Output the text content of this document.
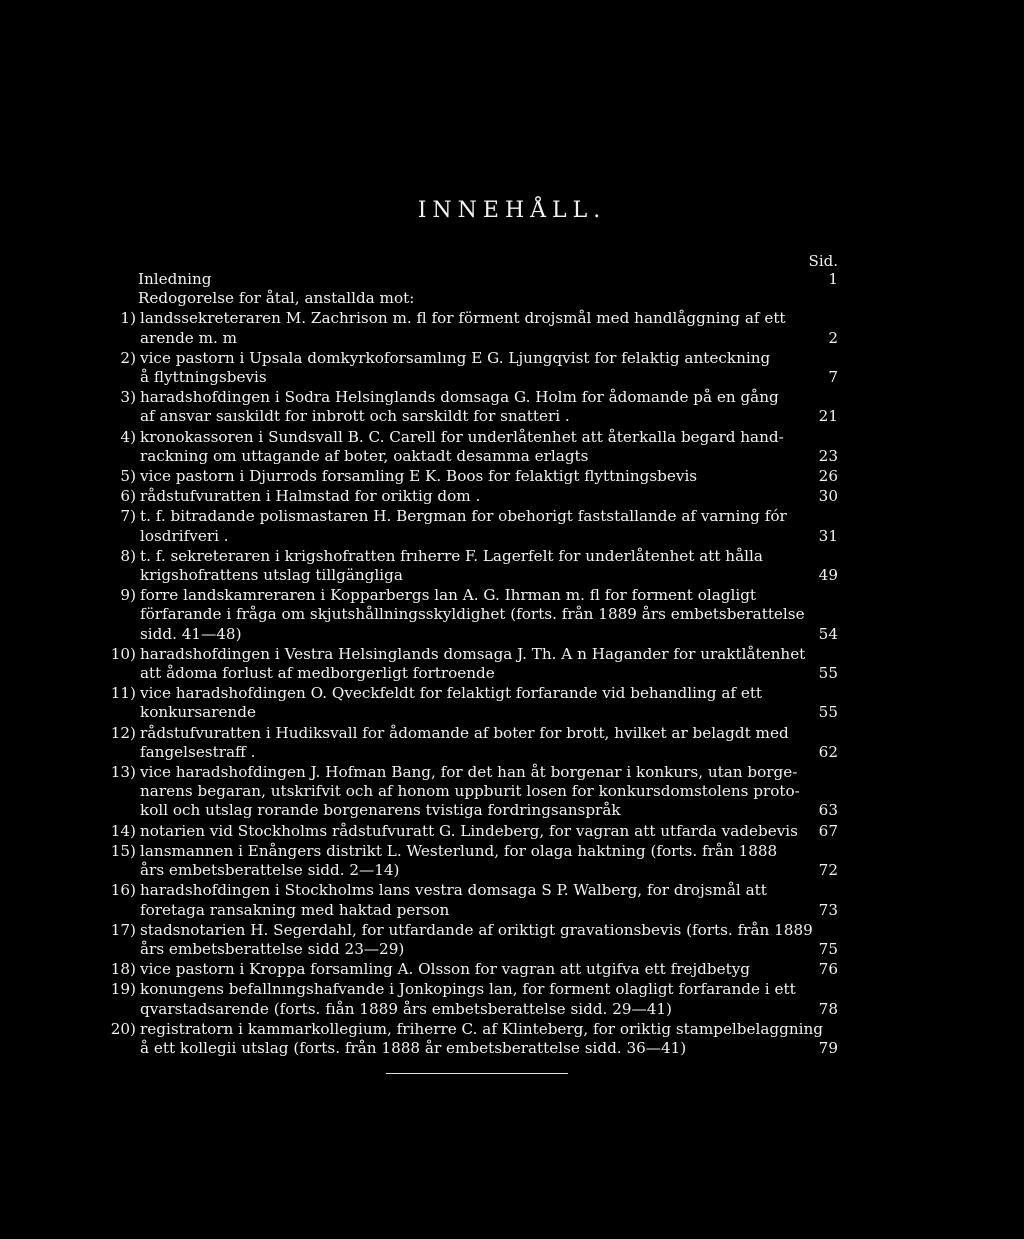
INNEHÅLL.
Sid.
Inledning	1
Redogorelse for åtal, anstallda mot:
1) landssekreteraren M. Zachrison m. fl for förment drojsmål med handlåggning af ett
arende m. m	2
2) vice pastorn i Upsala domkyrkoforsamlıng E G. Ljungqvist for felaktig anteckning
å flyttningsbevis	7
3) haradshofdingen i Sodra Helsinglands domsaga G. Holm for ådomande på en gång
af ansvar saıskildt for inbrott och sarskildt for snatteri .	21
4) kronokassoren i Sundsvall B. C. Carell for underlåtenhet att återkalla begard hand-
rackning om uttagande af boter, oaktadt desamma erlagts	23
5) vice pastorn i Djurrods forsamling E K. Boos for felaktigt flyttningsbevis	26
6) rådstufvuratten i Halmstad for oriktig dom .	30
7) t. f. bitradande polismastaren H. Bergman for obehorigt faststallande af varning fór
losdrifveri .	31
8) t. f. sekreteraren i krigshofratten frıherre F. Lagerfelt for underlåtenhet att hålla
krigshofrattens utslag tillgängliga	49
9) forre landskamreraren i Kopparbergs lan A. G. Ihrman m. fl for forment olagligt
förfarande i fråga om skjutshållningsskyldighet (forts. från 1889 års embetsberattelse
sidd. 41—48)	54
10) haradshofdingen i Vestra Helsinglands domsaga J. Th. A n Hagander for uraktlåtenhet
att ådoma forlust af medborgerligt fortroende	55
11) vice haradshofdingen O. Qveckfeldt for felaktigt forfarande vid behandling af ett
konkursarende	55
12) rådstufvuratten i Hudiksvall for ådomande af boter for brott, hvilket ar belagdt med
fangelsestraff .	62
13) vice haradshofdingen J. Hofman Bang, for det han åt borgenar i konkurs, utan borge-
narens begaran, utskrifvit och af honom uppburit losen for konkursdomstolens proto-
koll och utslag rorande borgenarens tvistiga fordringsanspråk	63
14) notarien vid Stockholms rådstufvuratt G. Lindeberg, for vagran att utfarda vadebevis	67
15) lansmannen i Enångers distrikt L. Westerlund, for olaga haktning (forts. från 1888
års embetsberattelse sidd. 2—14)	72
16) haradshofdingen i Stockholms lans vestra domsaga S P. Walberg, for drojsmål att
foretaga ransakning med haktad person	73
17) stadsnotarien H. Segerdahl, for utfardande af oriktigt gravationsbevis (forts. från 1889
års embetsberattelse sidd 23—29)	75
18) vice pastorn i Kroppa forsamling A. Olsson for vagran att utgifva ett frejdbetyg	76
19) konungens befallnıngshafvande i Jonkopings lan, for forment olagligt forfarande i ett
qvarstadsarende (forts. fıån 1889 års embetsberattelse sidd. 29—41)	78
20) registratorn i kammarkollegium, friherre C. af Klinteberg, for oriktig stampelbelaggning
å ett kollegii utslag (forts. från 1888 år embetsberattelse sidd. 36—41)	79
